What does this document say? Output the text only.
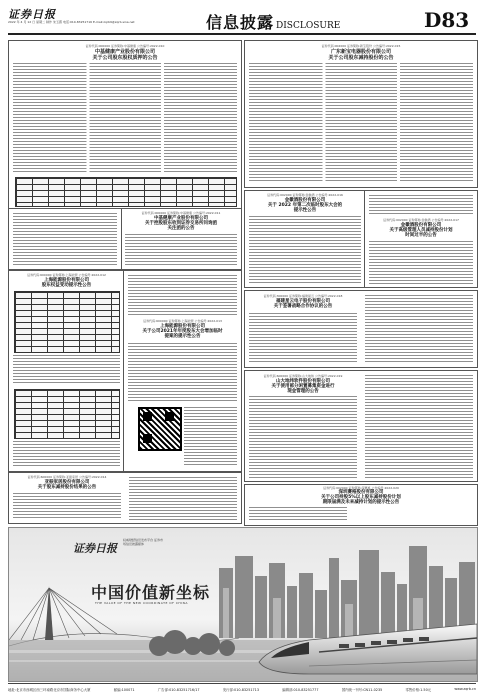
证券日报
2022 年 4 月 12 日 星期二 制作 朱玉霞 电话:010-83251716 E-mail:zqrb9@zqrb.sina.net	信息披露 DISCLOSURE	D83
证券代码:000000 证券简称:中基健康 公告编号:2022-010
中基健康产业股份有限公司
关于公司股东股权质押的公告
证券代码:000000 证券简称:中基健康 公告编号:2022-011
中基健康产业股份有限公司
关于控股股东收到证券交易所问询函
关注函的公告
证券代码:600000 证券简称:上海能源 公告编号:2022-012
上海能源股份有限公司
股东权益变动提示性公告
证券代码:600000 证券简称:上海能源 公告编号:2022-013
上海能源股份有限公司
关于公司2021年年度股东大会增加临时
提案的提示性公告
证券代码:600000 证券简称:亚振家居 公告编号:2022-014
亚振家居股份有限公司
关于股东减持股份结果的公告
证券代码:002000 证券简称:新宝股份 公告编号:2022-015
广东新宝电器股份有限公司
关于公司股东减持股份的公告
证券代码:002000 证券简称:金徽酒 公告编号:2022-016
金徽酒股份有限公司
关于 2022 年第二次临时股东大会的
提示性公告
证券代码:002000 证券简称:金徽酒 公告编号:2022-017
金徽酒股份有限公司
关于高级管理人员减持股份计划
时间过半的公告
证券代码:300000 证券简称:福建星云 公告编号:2022-018
福建星云电子股份有限公司
关于签署战略合作协议的公告
证券代码:600000 证券简称:山大地纬 公告编号:2022-019
山大地纬软件股份有限公司
关于使用部分闲置募集资金进行
现金管理的公告
证券代码:002000 证券简称:深赛格 公告编号:2022-020
深圳赛格股份有限公司
关于公司持股5%以上股东减持股份计划
期限届满及未来减持计划的提示性公告
证券日报
权威财经信息发布平台 证券市场信息披露媒体
中国价值新坐标
THE VALUE OF THE NEW COORDINATE OF CHINA
地址:北京市西城区西三环南路北京市国际商务中心大厦	邮编:100071	广告部:010-83251716/17	发行部:010-83251713	编辑部:010-83251777	国内统一刊号:CN11-0235	零售价格:1.50元	www.zqrb.cn
